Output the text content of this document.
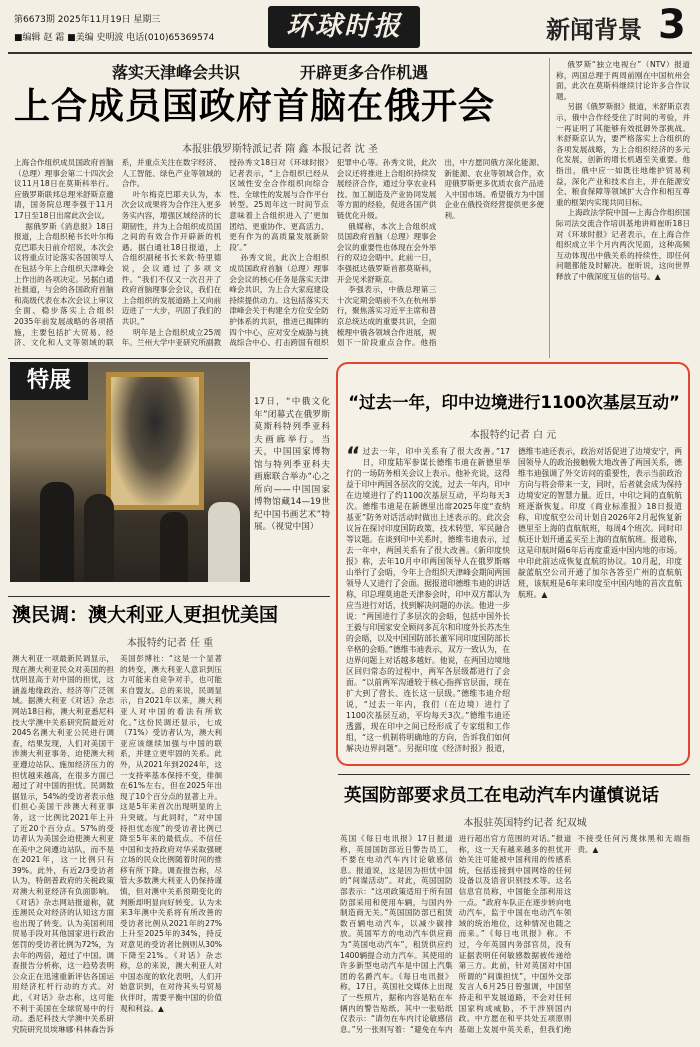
第6673期 2025年11月19日 星期三
■编辑 赵 霜 ■美编 史明波 电话(010)65369574	环球时报	新闻背景 3
落实天津峰会共识	开辟更多合作机遇
上合成员国政府首脑在俄开会
本报驻俄罗斯特派记者 隋 鑫 本报记者 沈 圣

上海合作组织成员国政府首脑（总理）理事会第二十四次会议11月18日在莫斯科举行。应俄罗斯联邦总理米舒斯京邀请，国务院总理李强于11月17日至18日出席此次会议。

据俄罗斯《消息报》18日报道，上合组织秘书长叶尔梅克巴耶夫日前介绍说，本次会议将重点讨论落实各国领导人在包括今年上合组织天津峰会上作出的各项决定。另据白通社报道，与会的各国政府首脑和高级代表在本次会议上审议全面、稳步落实上合组织2035年前发展战略的各项措施，主要包括扩大贸易、经济、文化和人文等领域的联系，并重点关注在数字经济、人工智能、绿色产业等领域的合作。

叶尔梅克巴耶夫认为，本次会议成果将为合作注入更多务实内容，增强区域经济的长期韧性，并为上合组织成员国之间的有效合作开辟新的机遇。据白通社18日报道，上合组织副秘书长米欽·特里德说，会议通过了多项文件。“我们不仅又一次召开了政府首脑理事会会议，我们在上合组织的发展道路上又向前迈进了一大步，巩固了我们的共识。”

明年是上合组织成立25周年。兰州大学中亚研究所副教授孙秀文18日对《环球时报》记者表示，“上合组织已经从区域性安全合作组织向综合性、全球性的发展与合作平台转型。25周年这一时间节点意味着上合组织进入了‘更加团结、更重协作、更高活力、更有作为的高质量发展新阶段’。”

孙秀文说，此次上合组织成员国政府首脑（总理）理事会会议的核心任务是落实天津峰会共识，为上合大家庭建设持续提供动力。这包括落实天津峰会关于构建全方位安全防护体系的共识，推进已揭牌的四个中心，应对安全威胁与挑战综合中心、打击跨国有组织犯罪中心等。孙秀文说，此次会议还将推进上合组织持续发展经济合作，通过分享农业科技、加工制造及产业协同发展等方面的经验，促进各国产供链优化升级。

俄媒称，本次上合组织成员国政府首脑（总理）理事会会议的重要性也体现在会外举行的双边会晤中。此前一日，李强抵达俄罗斯首都莫斯科，开会见米舒斯京。

李强表示，中俄总理第三十次定期会晤前不久在杭州举行，聚焦落实习近平主席和普京总统达成的重要共识，全面梳理中俄各领域合作进展，规划下一阶段重点合作。他指出，中方愿同俄方深化能源、新能源、农业等领域合作，欢迎俄罗斯更多优质农食产品进入中国市场。希望俄方为中国企业在俄投资经营提供更多便利。

俄罗斯“独立电视台”（NTV）报道称，两国总理于两周前刚在中国杭州会面，此次在莫斯科继续讨论许多合作议题。

另据《俄罗斯报》报道，米舒斯京表示，俄中合作经受住了时间的考验，并一再证明了其能够有效抵御外部挑战。米舒斯京认为，要严格落实上合组织的各项发展战略，为上合组织经济的多元化发展，创新的增长机遇至关重要。他指出，俄中应一如既往地维护贸易利益，深化产业和技术自主，并在能源安全、粮食保障等领域扩大合作和相互尊重的框架内实现共同目标。

上海政法学院中国—上海合作组织国际司法交流合作培训基地讲师崔昕18日对《环球时报》记者表示，在上海合作组织成立半个月内两次见面，这种高频互动体现出中俄关系的持续性，即任何问题都能及时解决。崔昕说，这向世界释放了中俄深度互信的信号。▲

特展
17日，“中俄文化年”闭幕式在俄罗斯莫斯科特列季亚科夫画廊举行。当天，中国国家博物馆与特列季亚科夫画廊联合举办“心之所向——中国国家博物馆藏14—19世纪中国书画艺术”特展。（视觉中国）
澳民调：澳大利亚人更担忧美国
本报特约记者 任 重

澳大利亚一项最新民调显示，现在澳大利亚民众对美国的担忧明显高于对中国的担忧，这涵盖地缘政治、经济等广泛领域。据澳大利亚《对话》杂志网站18日称，澳大利亚悉尼科技大学澳中关系研究院最近对2045名澳大利亚公民进行调查，结果发现，人们对美国干涉澳大利亚事务、迫使澳大利亚遵边站队、施加经济压力的担忧越来越高，在很多方面已超过了对中国的担忧。民调数据显示，54%的受访者表示他们担心美国干涉澳大利亚事务，这一比例比2021年上升了近20个百分点。57%的受访者认为美国会迫使澳大利亚在美中之间遵边站队，而不是在2021年，这一比例只有39%。此外，有近2/3受访者认为，特朗普政府的关税政策对澳大利亚经济有负面影响。《对话》杂志网站报道称，就连澳民众对经济的认知这方面也出现了转变。认为美国利用贸易手段对其他国家进行政治惩罚的受访者比例为72%，为去年的两倍，超过了中国。调查报告分析称，这一趋势表明公众正在迅速重新评估各国运用经济杠杆行动的方式。对此，《对话》杂志称，这可能不利于美国在全球贸易中的行动。悉尼科技大学澳中关系研究院研究员埃琳娜·科林森告诉美国彭博社：“这是一个显著的转变，澳大利亚人意识到压力可能来自竞争对手，也可能来自盟友。总的来说，民调显示，自2021年以来，澳大利亚人对中国的看法有所软化。”这份民调还显示，七成（71%）受访者认为，澳大利亚应该继续加强与中国的联系，并建立更牢固的关系。此外，从2021年到2024年，这一支持率基本保持不变，徘徊在61%左右，但在2025年出现了10个百分点的显著上升。这是5年来首次出现明显的上升突破。与此同时，“对中国持担忧态度”的受访者比例已降至5年来的最低点。不信任中国和支持政府对华采取强硬立场的民众比例随着时间的推移有所下降。调查报告称，尽管大多数澳大利亚人仍保持谨慎，但对澳中关系预期变化的判断却明显向好转变。认为未来3年澳中关系将有所改善的受访者比例从2021年的27%上升至2025年的34%，持反对意见的受访者比例则从30%下降至21%。《对话》杂志称，总的来说，澳大利亚人对中国态度的软化表明，人们开始意识到，在对待其头号贸易伙伴时，需要平衡中国的价值观和利益。▲

“过去一年，印中边境进行1100次基层互动”
本报特约记者 白 元

“ 过去一年，印中关系有了很大改善。”17日，印度陆军参谋长德维韦迪在新德里举行的一场防务相关会议上表示。他补充说，这得益于印中两国各层次的交流，过去一年内，印中在边境进行了约1100次基层互动，平均每天3次。德维韦迪是在新德里出席2025年度“查纳基亚”防务对话活动时做出上述表示的。此次会议旨在探讨印度国防政策、技术转型、军民融合等议题。在谈到印中关系时，德维韦迪表示，过去一年中，两国关系有了很大改善。《新印度快报》称，去年10月中印两国领导人在俄罗斯喀山举行了会晤，今年上合组织天津峰会期间两国领导人又进行了会面。据报道印德维韦迪的讲话称，印总理莫迪赴天津参会时，印中双方都认为应当进行对话，找到解决问题的办法。他进一步说：“两国进行了多层次的会晤，包括中国外长王毅与印国家安全顾问多瓦尔和印度外长苏杰生的会晤，以及中国国防部长董军同印度国防部长辛格的会晤。”德维韦迪表示，双方一致认为，在边界问题上对话越多越好。他说，在两国边境地区回归常态的过程中，两军各层级都进行了会面。“以前两军沟通较于核心指挥官层面，现在扩大到了营长、连长这一层级。”德维韦迪介绍说，“过去一年内，我们（在边境）进行了1100次基层互动，平均每天3次。”德维韦迪还透露，现在印中之间已经形成了专家组和工作组，“这一机制将明确地的方向，告诉我们如何解决边界问题”。另据印度《经济时报》报道，德维韦迪还表示，政治对话促进了边境安宁，两国领导人的政治接触极大地改善了两国关系，德维韦迪强调了外交访问的重要性，表示当前政治方向与将会带来一支，同时，后者就会成为保持边境安定的智慧力量。近日，中印之间的直航航班逐渐恢复。印度《商业标准报》18日报道称，印度航空公司计划自2026年2月起恢复新德里至上海的直航航班，每周4个班次。同时印航还计划开通孟买至上海的直航航班。报道称，这是印航时隔6年后再度重返中国内地的市场。中印此前达成恢复直航的协议。10月起，印度靛蓝航空公司开通了加尔各答至广州的直航航班，该航班是6年来印度至中国内地的首次直航航班。▲

英国防部要求员工在电动汽车内谨慎说话
本报驻英国特约记者 纪双城

英国《每日电讯报》17日报道称，英国国防部近日警告员工，不要在电动汽车内讨论敏感信息。报道说，这是因为担忧中国的“间谍活动”。对此，英国国防部表示：“这项政策适用于所有国防部采用和使用车辆，与国内外制造商无关。”英国国防部已租赁数百辆电动汽车，以减少碳排放。英国军方的电动汽车供应商为“英国电动汽车”，租赁供应约1400辆提合动力汽车。其使用的许多新型电动汽车是中国上汽集团的名爵汽车。《每日电讯报》称，17日，英国社交媒体上出现了一些照片，据称内容是粘在车辆内的警告贴纸。其中一张贴纸仅表示：“请勿在车内讨论敏感信息。”另一张则写着：“避免在车内进行超出官方范围的对话。”报道称，这一天有越来越多的担忧开始关注可能被中国利用的传感系统，包括连接到中国网络的任何设备以及语音识别技术等。这名信息官员称，中国能全部利用这一点。“政府车队正在逐步转向电动汽车，监于中国在电动汽车领域的统治地位，这种情况也随之而来。”《每日电讯报》称。不过，今年英国内务部官员，没有证据表明任何敏感数据被传递给第三方。此前，针对英国对中国所谓的“间谍担忧”，中国外交部发言人6月25日曾强调，中国坚持走和平发展道路，不会对任何国家构成威胁，不干涉别国内政。中方愿在和平共处五项原则基础上发展中英关系，但我们绝不接受任何污蔑抹黑和无端指责。▲
